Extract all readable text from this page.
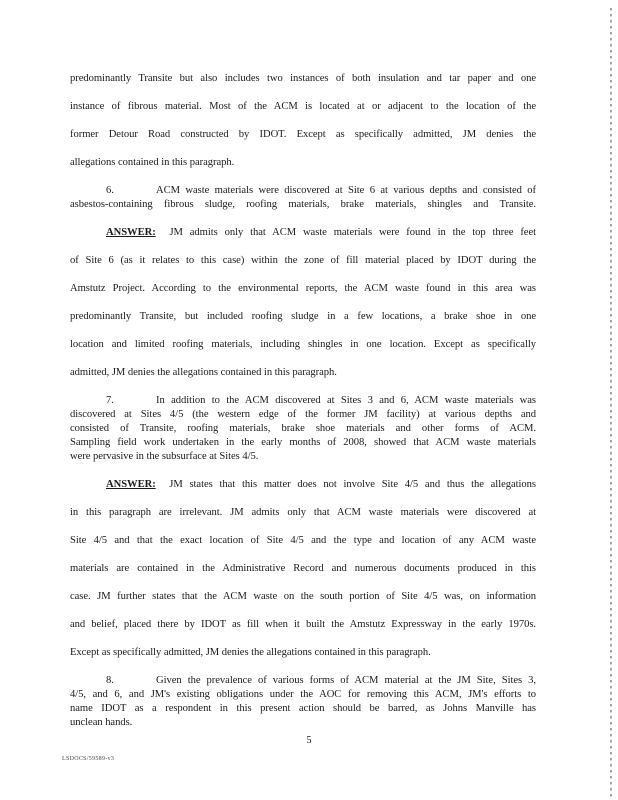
predominantly Transite but also includes two instances of both insulation and tar paper and one
instance of fibrous material. Most of the ACM is located at or adjacent to the location of the
former Detour Road constructed by IDOT. Except as specifically admitted, JM denies the
allegations contained in this paragraph.
6.	ACM waste materials were discovered at Site 6 at various depths and consisted of
asbestos-containing fibrous sludge, roofing materials, brake materials, shingles and Transite.
ANSWER: JM admits only that ACM waste materials were found in the top three feet
of Site 6 (as it relates to this case) within the zone of fill material placed by IDOT during the
Amstutz Project. According to the environmental reports, the ACM waste found in this area was
predominantly Transite, but included roofing sludge in a few locations, a brake shoe in one
location and limited roofing materials, including shingles in one location. Except as specifically
admitted, JM denies the allegations contained in this paragraph.
7.	In addition to the ACM discovered at Sites 3 and 6, ACM waste materials was
discovered at Sites 4/5 (the western edge of the former JM facility) at various depths and
consisted of Transite, roofing materials, brake shoe materials and other forms of ACM.
Sampling field work undertaken in the early months of 2008, showed that ACM waste materials
were pervasive in the subsurface at Sites 4/5.
ANSWER: JM states that this matter does not involve Site 4/5 and thus the allegations
in this paragraph are irrelevant. JM admits only that ACM waste materials were discovered at
Site 4/5 and that the exact location of Site 4/5 and the type and location of any ACM waste
materials are contained in the Administrative Record and numerous documents produced in this
case. JM further states that the ACM waste on the south portion of Site 4/5 was, on information
and belief, placed there by IDOT as fill when it built the Amstutz Expressway in the early 1970s.
Except as specifically admitted, JM denies the allegations contained in this paragraph.
8.	Given the prevalence of various forms of ACM material at the JM Site, Sites 3,
4/5, and 6, and JM's existing obligations under the AOC for removing this ACM, JM's efforts to
name IDOT as a respondent in this present action should be barred, as Johns Manville has
unclean hands.
5
LSDOCS/59589-v3
